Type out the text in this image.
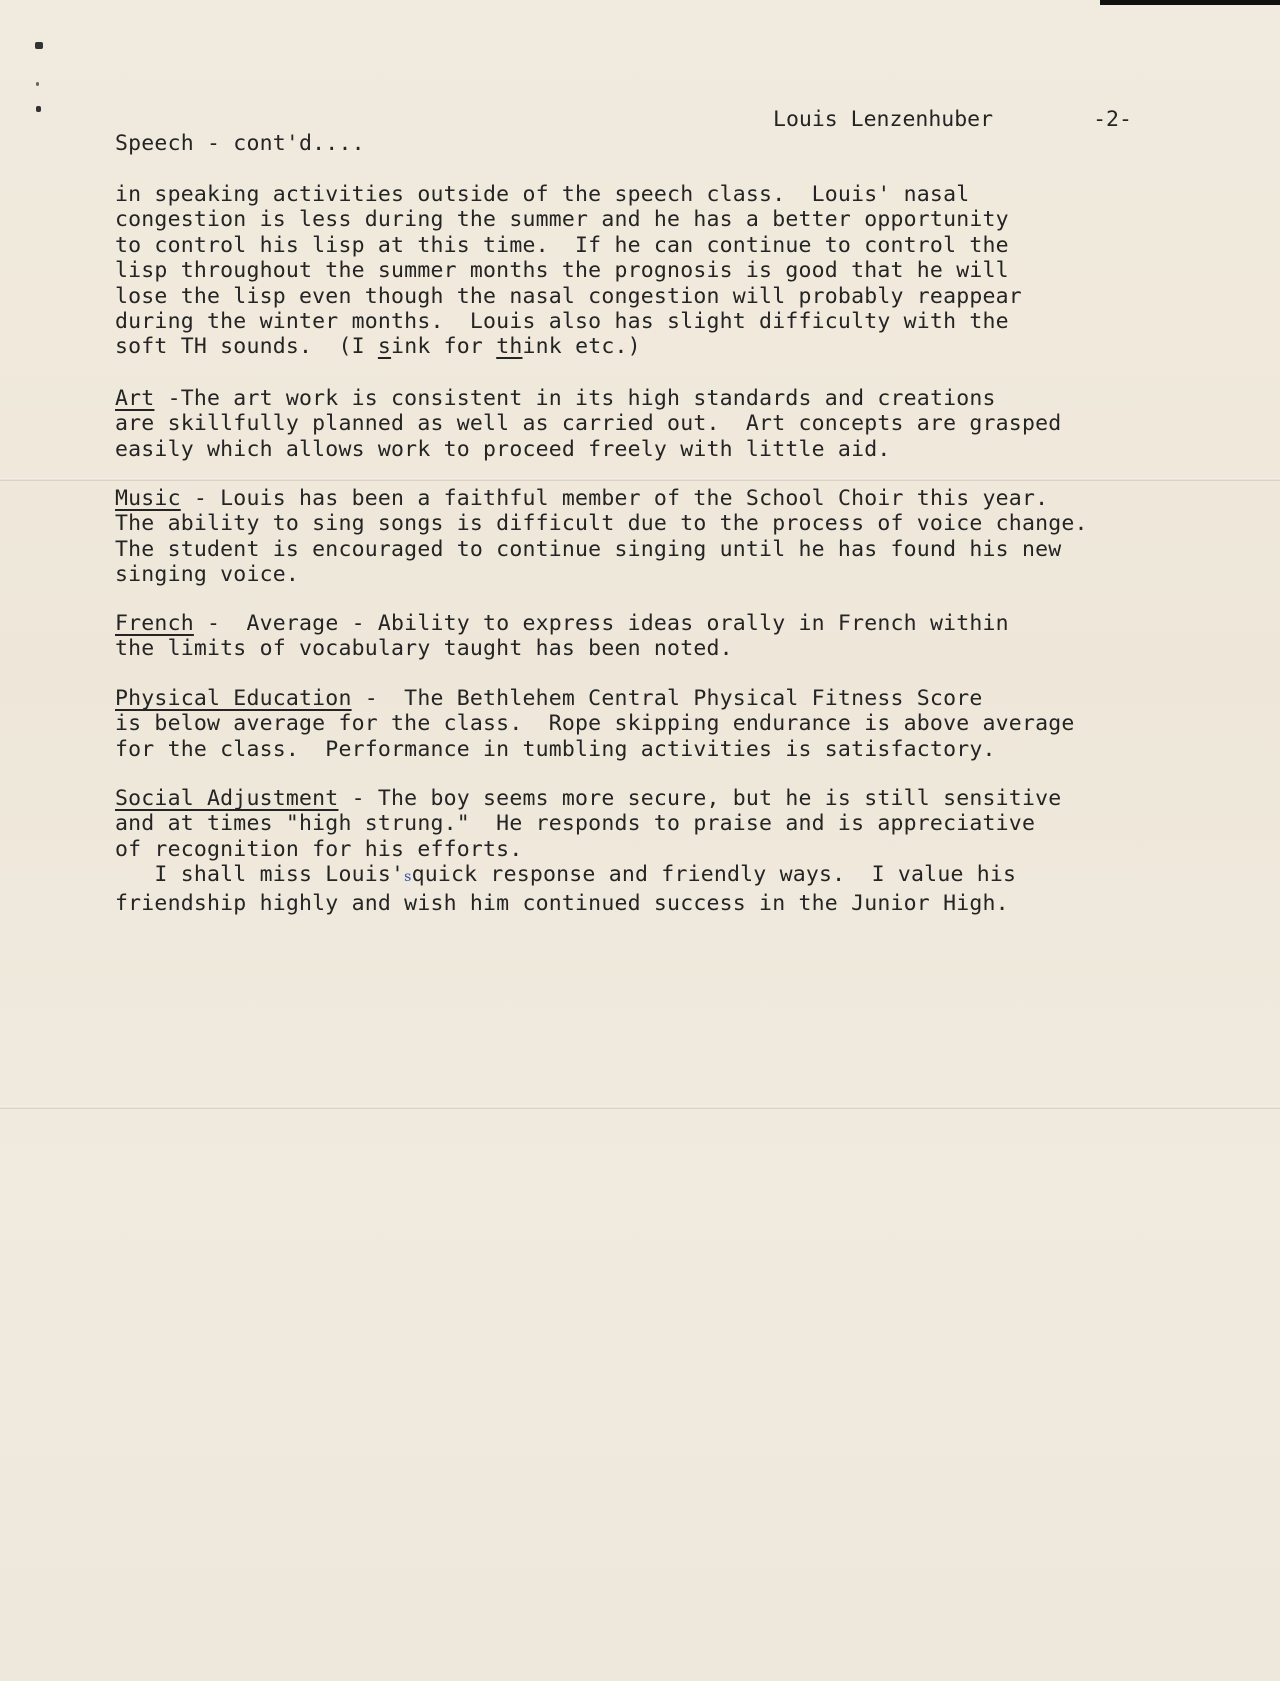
Louis Lenzenhuber	-2-
Speech - cont'd....
in speaking activities outside of the speech class.  Louis' nasal
congestion is less during the summer and he has a better opportunity
to control his lisp at this time.  If he can continue to control the
lisp throughout the summer months the prognosis is good that he will
lose the lisp even though the nasal congestion will probably reappear
during the winter months.  Louis also has slight difficulty with the
soft TH sounds.  (I sink for think etc.)
Art -The art work is consistent in its high standards and creations
are skillfully planned as well as carried out.  Art concepts are grasped
easily which allows work to proceed freely with little aid.
Music - Louis has been a faithful member of the School Choir this year.
The ability to sing songs is difficult due to the process of voice change.
The student is encouraged to continue singing until he has found his new
singing voice.
French -  Average - Ability to express ideas orally in French within
the limits of vocabulary taught has been noted.
Physical Education -  The Bethlehem Central Physical Fitness Score
is below average for the class.  Rope skipping endurance is above average
for the class.  Performance in tumbling activities is satisfactory.
Social Adjustment - The boy seems more secure, but he is still sensitive
and at times "high strung."  He responds to praise and is appreciative
of recognition for his efforts.
I shall miss Louis'squick response and friendly ways.  I value his
friendship highly and wish him continued success in the Junior High.
